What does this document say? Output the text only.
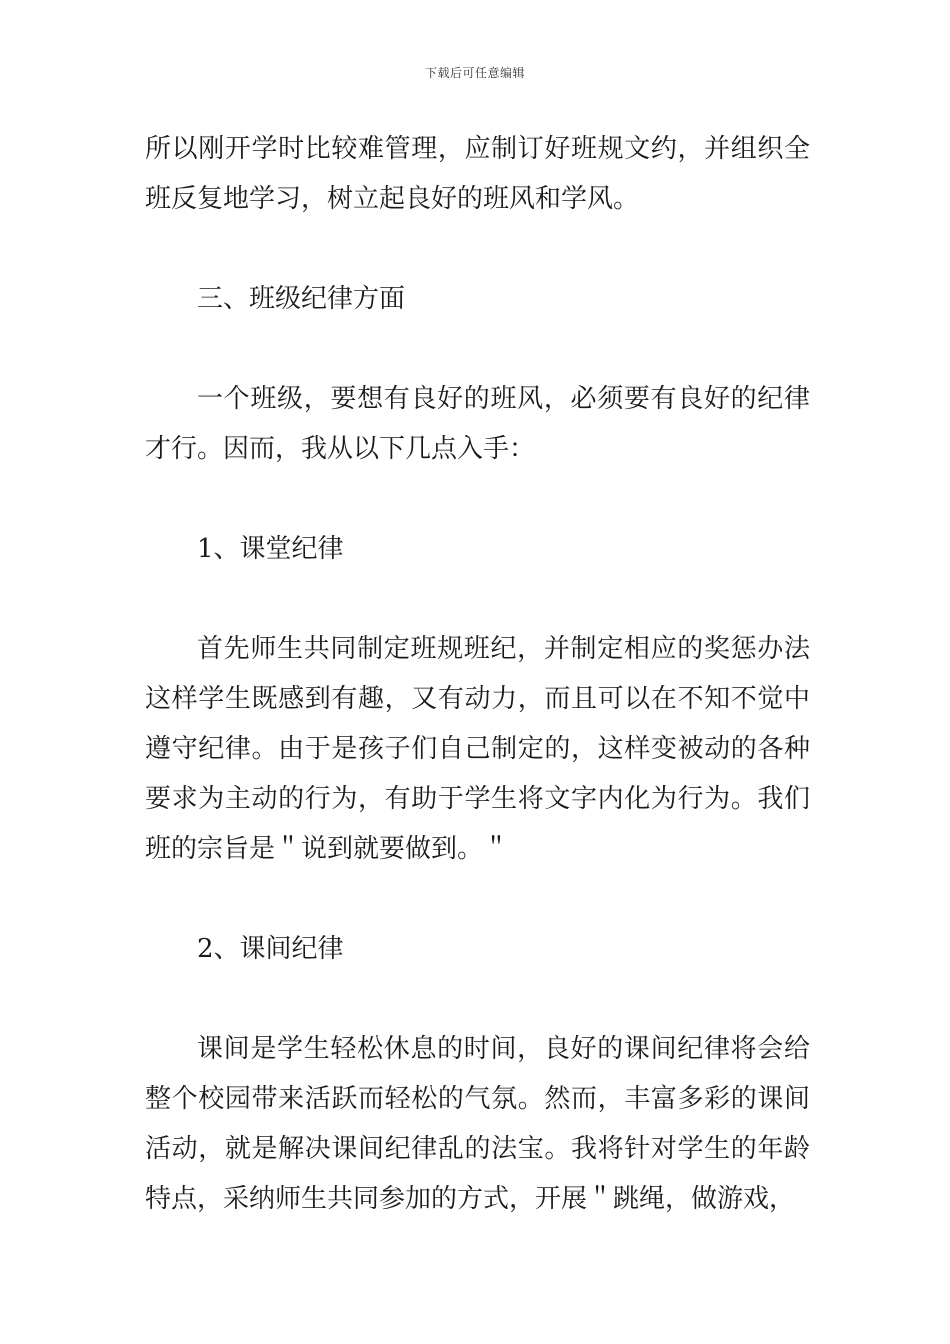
下载后可任意编辑

所以刚开学时比较难管理，应制订好班规文约，并组织全班反复地学习，树立起良好的班风和学风。

三、班级纪律方面

一个班级，要想有良好的班风，必须要有良好的纪律才行。因而，我从以下几点入手：

1、课堂纪律

首先师生共同制定班规班纪，并制定相应的奖惩办法这样学生既感到有趣，又有动力，而且可以在不知不觉中遵守纪律。由于是孩子们自己制定的，这样变被动的各种要求为主动的行为，有助于学生将文字内化为行为。我们班的宗旨是＂说到就要做到。＂

2、课间纪律

课间是学生轻松休息的时间，良好的课间纪律将会给整个校园带来活跃而轻松的气氛。然而，丰富多彩的课间活动，就是解决课间纪律乱的法宝。我将针对学生的年龄特点，采纳师生共同参加的方式，开展＂跳绳，做游戏，
